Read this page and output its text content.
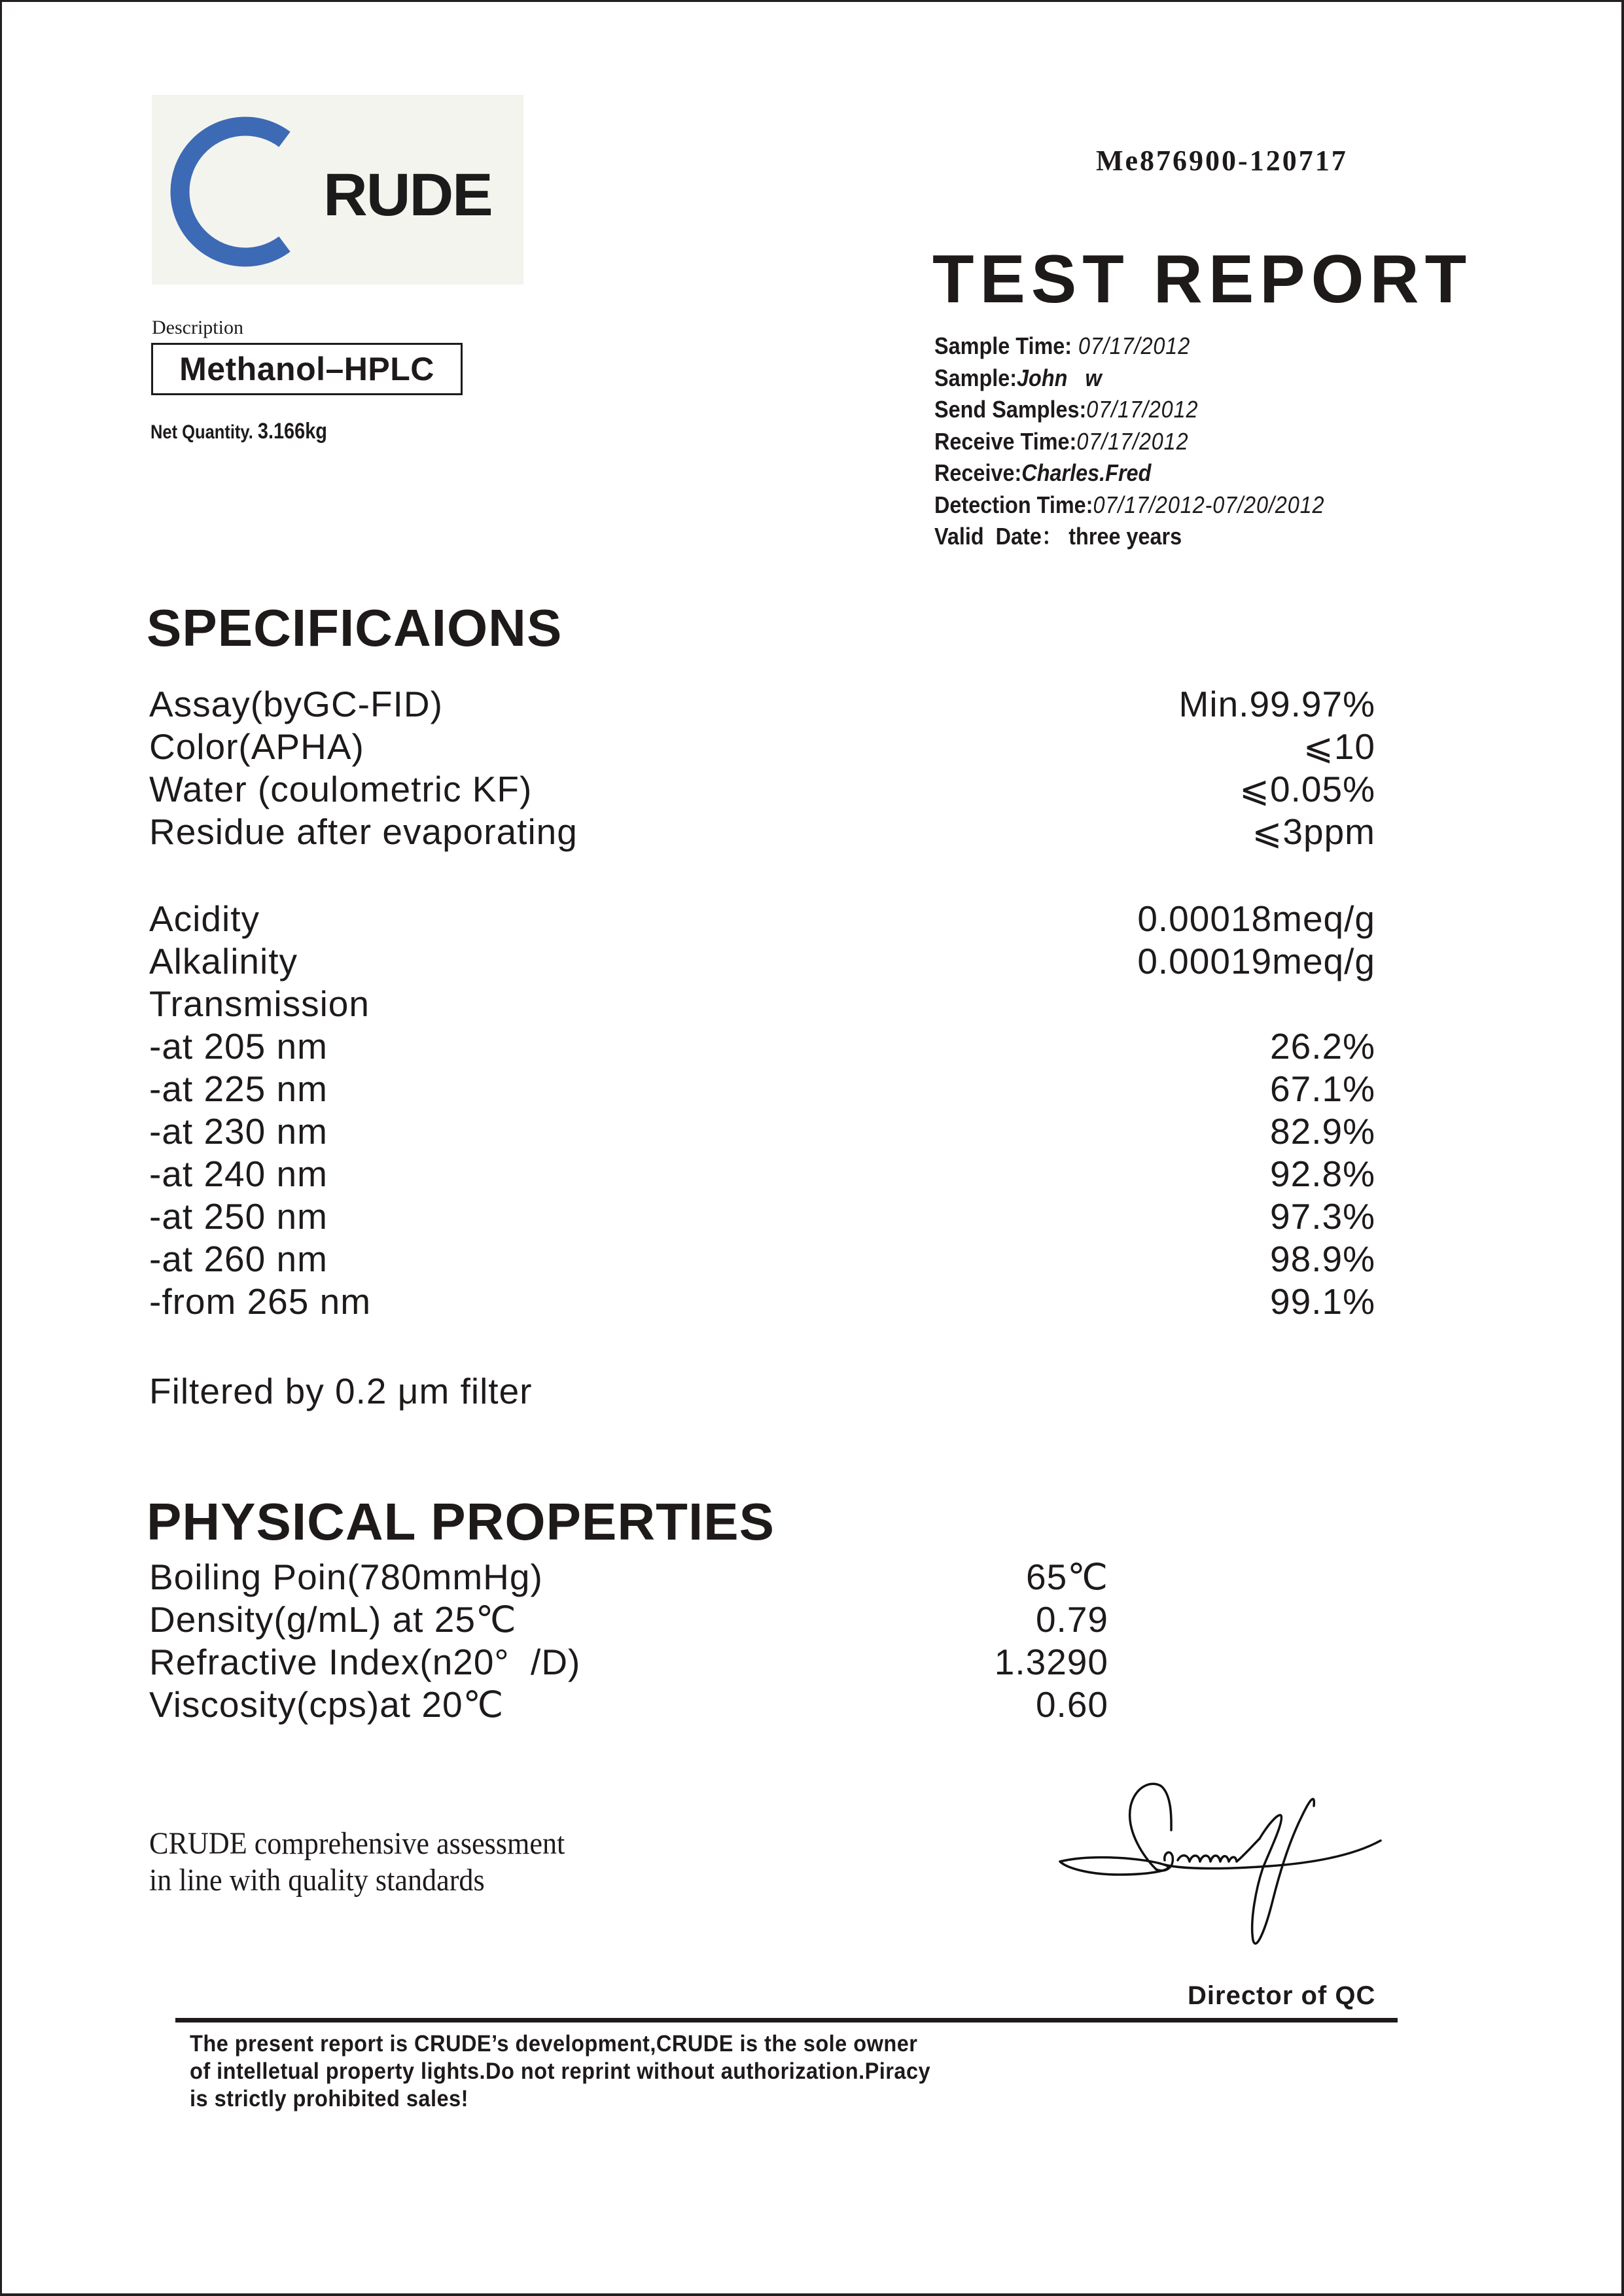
RUDE
Description
Methanol–HPLC
Net Quantity. 3.166kg
Me876900-120717
TEST REPORT
Sample Time: 07/17/2012
Sample:John   w
Send Samples:07/17/2012
Receive Time:07/17/2012
Receive:Charles.Fred
Detection Time:07/17/2012-07/20/2012
Valid  Date： three years
SPECIFICAIONS
Assay(byGC-FID)	Min.99.97%
Color(APHA)	⩽10
Water (coulometric KF)	⩽0.05%
Residue after evaporating	⩽3ppm
Acidity	0.00018meq/g
Alkalinity	0.00019meq/g
Transmission
-at 205 nm	26.2%
-at 225 nm	67.1%
-at 230 nm	82.9%
-at 240 nm	92.8%
-at 250 nm	97.3%
-at 260 nm	98.9%
-from 265 nm	99.1%
Filtered by 0.2 μm filter
PHYSICAL PROPERTIES
Boiling Poin(780mmHg)	65℃
Density(g/mL) at 25℃	0.79
Refractive Index(n20°  /D)	1.3290
Viscosity(cps)at 20℃	0.60
CRUDE comprehensive assessment
in line with quality standards
Director of QC
The present report is CRUDE’s development,CRUDE is the sole owner
of intelletual property lights.Do not reprint without authorization.Piracy
is strictly prohibited sales!
